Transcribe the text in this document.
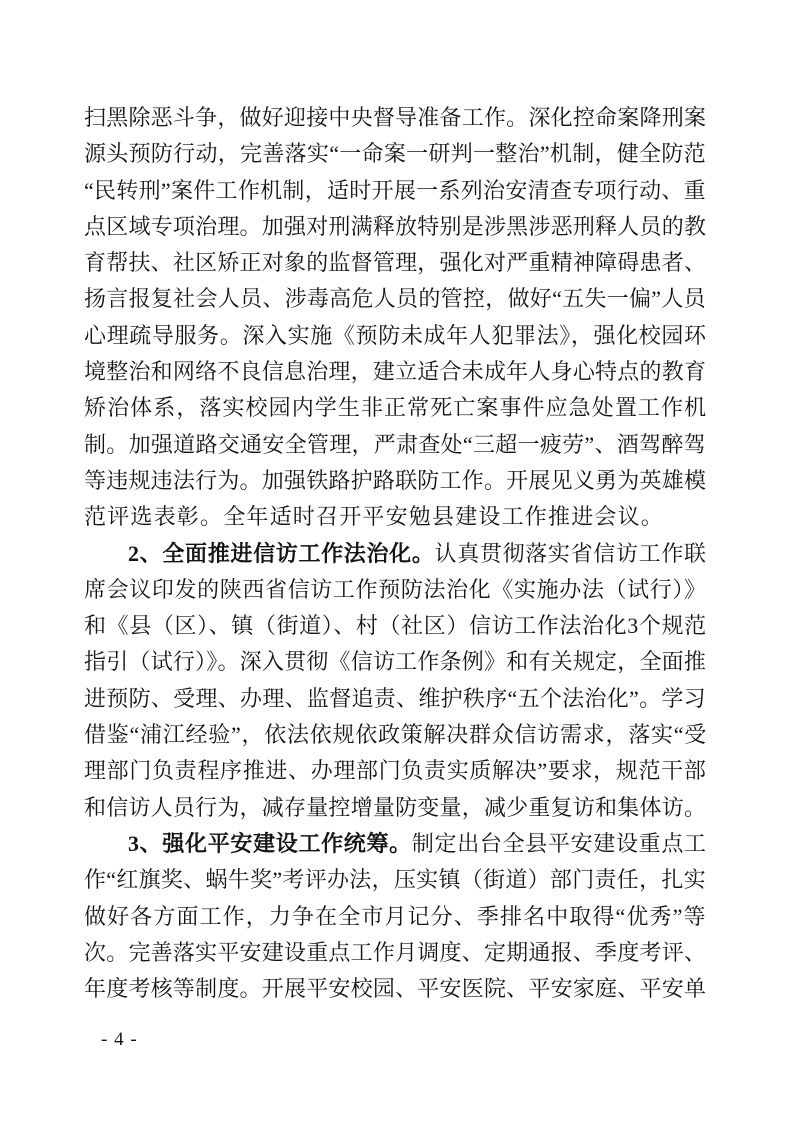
扫黑除恶斗争，做好迎接中央督导准备工作。深化控命案降刑案
源头预防行动，完善落实“一命案一研判一整治”机制，健全防范
“民转刑”案件工作机制，适时开展一系列治安清查专项行动、重
点区域专项治理。加强对刑满释放特别是涉黑涉恶刑释人员的教
育帮扶、社区矫正对象的监督管理，强化对严重精神障碍患者、
扬言报复社会人员、涉毒高危人员的管控，做好“五失一偏”人员
心理疏导服务。深入实施《预防未成年人犯罪法》，强化校园环
境整治和网络不良信息治理，建立适合未成年人身心特点的教育
矫治体系，落实校园内学生非正常死亡案事件应急处置工作机
制。加强道路交通安全管理，严肃查处“三超一疲劳”、酒驾醉驾
等违规违法行为。加强铁路护路联防工作。开展见义勇为英雄模
范评选表彰。全年适时召开平安勉县建设工作推进会议。
2、全面推进信访工作法治化。认真贯彻落实省信访工作联
席会议印发的陕西省信访工作预防法治化《实施办法（试行）》
和《县（区）、镇（街道）、村（社区）信访工作法治化3个规范
指引（试行）》。深入贯彻《信访工作条例》和有关规定，全面推
进预防、受理、办理、监督追责、维护秩序“五个法治化”。学习
借鉴“浦江经验”，依法依规依政策解决群众信访需求，落实“受
理部门负责程序推进、办理部门负责实质解决”要求，规范干部
和信访人员行为，减存量控增量防变量，减少重复访和集体访。
3、强化平安建设工作统筹。制定出台全县平安建设重点工
作“红旗奖、蜗牛奖”考评办法，压实镇（街道）部门责任，扎实
做好各方面工作，力争在全市月记分、季排名中取得“优秀”等
次。完善落实平安建设重点工作月调度、定期通报、季度考评、
年度考核等制度。开展平安校园、平安医院、平安家庭、平安单
- 4 -
